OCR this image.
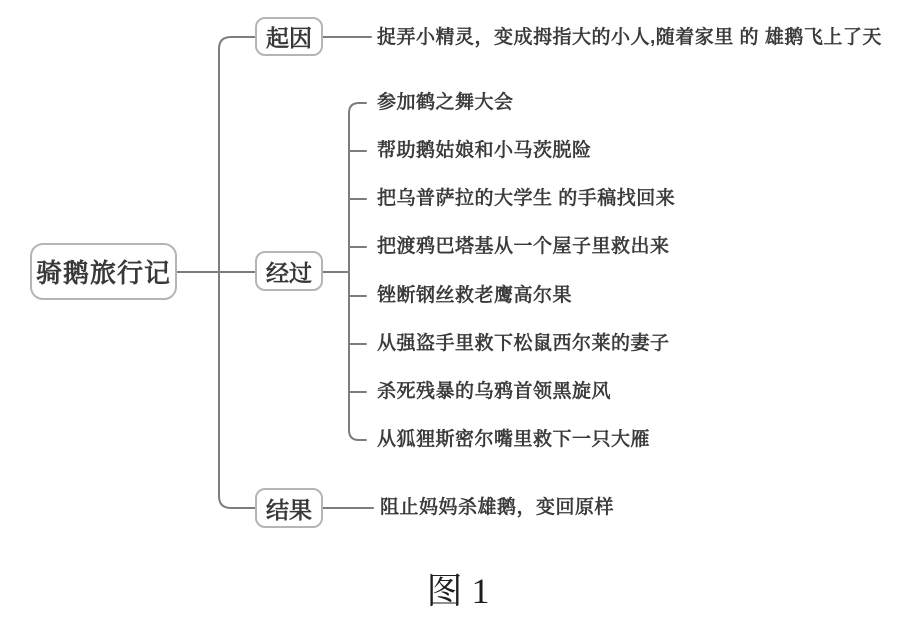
骑鹅旅行记
起因
经过
结果
捉弄小精灵，变成拇指大的小人,随着家里 的 雄鹅飞上了天
参加鹤之舞大会
帮助鹅姑娘和小马茨脱险
把乌普萨拉的大学生 的手稿找回来
把渡鸦巴塔基从一个屋子里救出来
锉断钢丝救老鹰高尔果
从强盗手里救下松鼠西尔莱的妻子
杀死残暴的乌鸦首领黑旋风
从狐狸斯密尔嘴里救下一只大雁
阻止妈妈杀雄鹅，变回原样
图 1
